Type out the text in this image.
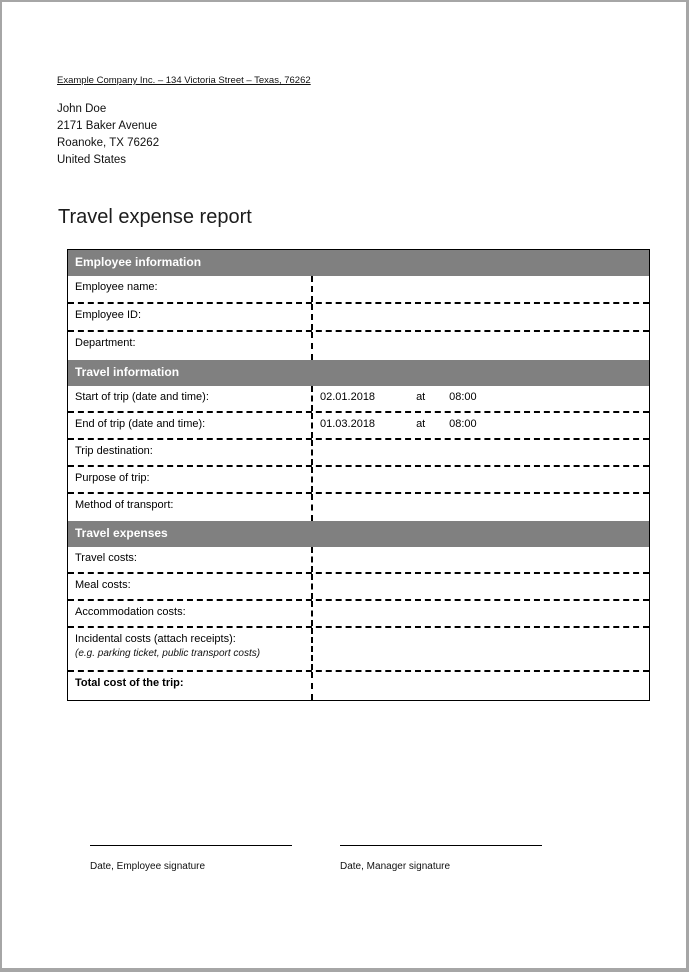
Example Company Inc. – 134 Victoria Street – Texas, 76262
John Doe
2171 Baker Avenue
Roanoke, TX 76262
United States
Travel expense report
Employee information
Employee name:
Employee ID:
Department:
Travel information
Start of trip (date and time):	02.01.2018	at 08:00
End of trip (date and time):	01.03.2018	at 08:00
Trip destination:
Purpose of trip:
Method of transport:
Travel expenses
Travel costs:
Meal costs:
Accommodation costs:
Incidental costs (attach receipts):
(e.g. parking ticket, public transport costs)
Total cost of the trip:
Date, Employee signature	Date, Manager signature
